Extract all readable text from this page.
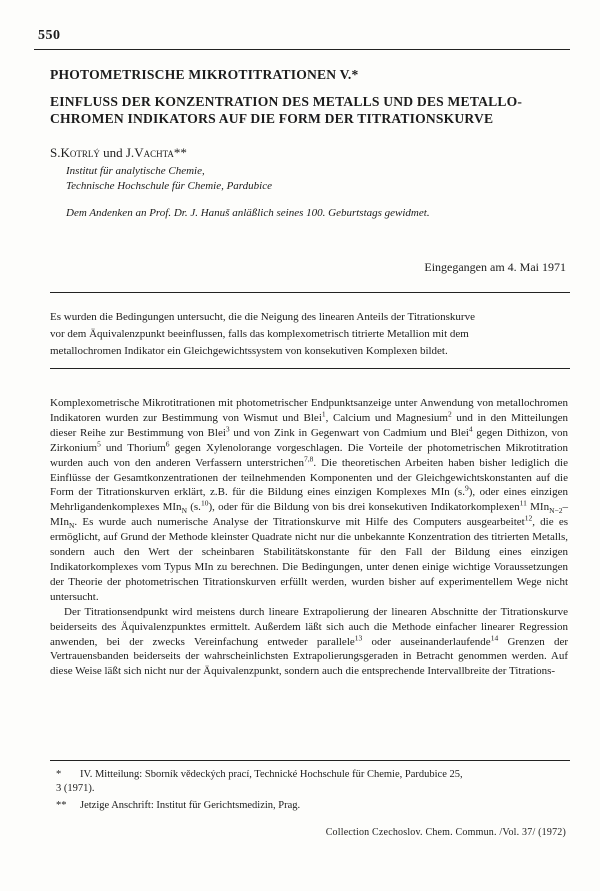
550
PHOTOMETRISCHE MIKROTITRATIONEN V.*
EINFLUSS DER KONZENTRATION DES METALLS UND DES METALLO-
CHROMEN INDIKATORS AUF DIE FORM DER TITRATIONSKURVE
S.Kotrlý und J.Vachta**
Institut für analytische Chemie,
Technische Hochschule für Chemie, Pardubice
Dem Andenken an Prof. Dr. J. Hanuš anläßlich seines 100. Geburtstags gewidmet.
Eingegangen am 4. Mai 1971
Es wurden die Bedingungen untersucht, die die Neigung des linearen Anteils der Titrationskurve
vor dem Äquivalenzpunkt beeinflussen, falls das komplexometrisch titrierte Metallion mit dem
metallochromen Indikator ein Gleichgewichtssystem von konsekutiven Komplexen bildet.

Komplexometrische Mikrotitrationen mit photometrischer Endpunktsanzeige unter Anwendung von metallochromen Indikatoren wurden zur Bestimmung von Wismut und Blei$^1$, Calcium und Magnesium$^2$ und in den Mitteilungen dieser Reihe zur Bestimmung von Blei$^3$ und von Zink in Gegenwart von Cadmium und Blei$^4$ gegen Dithizon, von Zirkonium$^5$ und Thorium$^6$ gegen Xylenolorange vorgeschlagen. Die Vorteile der photometrischen Mikrotitration wurden auch von den anderen Verfassern unterstrichen$^{7,8}$. Die theoretischen Arbeiten haben bisher lediglich die Einflüsse der Gesamtkonzentrationen der teilnehmenden Komponenten und der Gleichgewichtskonstanten auf die Form der Titrationskurven erklärt, z.B. für die Bildung eines einzigen Komplexes MIn (s.$^9$), oder eines einzigen Mehrligandenkomplexes MIn$_N$ (s.$^{10}$), oder für die Bildung von bis drei konsekutiven Indikatorkomplexen$^{11}$ MIn$_{N-2}$–MIn$_N$. Es wurde auch numerische Analyse der Titrationskurve mit Hilfe des Computers ausgearbeitet$^{12}$, die es ermöglicht, auf Grund der Methode kleinster Quadrate nicht nur die unbekannte Konzentration des titrierten Metalls, sondern auch den Wert der scheinbaren Stabilitätskonstante für den Fall der Bildung eines einzigen Indikatorkomplexes vom Typus MIn zu berechnen. Die Bedingungen, unter denen einige wichtige Voraussetzungen der Theorie der photometrischen Titrationskurven erfüllt werden, wurden bisher auf experimentellem Wege nicht untersucht.

Der Titrationsendpunkt wird meistens durch lineare Extrapolierung der linearen Abschnitte der Titrationskurve beiderseits des Äquivalenzpunktes ermittelt. Außerdem läßt sich auch die Methode einfacher linearer Regression anwenden, bei der zwecks Vereinfachung entweder parallele$^{13}$ oder auseinanderlaufende$^{14}$ Grenzen der Vertrauensbanden beiderseits der wahrscheinlichsten Extrapolierungsgeraden in Betracht genommen werden. Auf diese Weise läßt sich nicht nur der Äquivalenzpunkt, sondern auch die entsprechende Intervallbreite der Titrations-

* IV. Mitteilung: Sborník vědeckých prací, Technické Hochschule für Chemie, Pardubice 25,
3 (1971).
** Jetzige Anschrift: Institut für Gerichtsmedizin, Prag.
Collection Czechoslov. Chem. Commun. /Vol. 37/ (1972)
